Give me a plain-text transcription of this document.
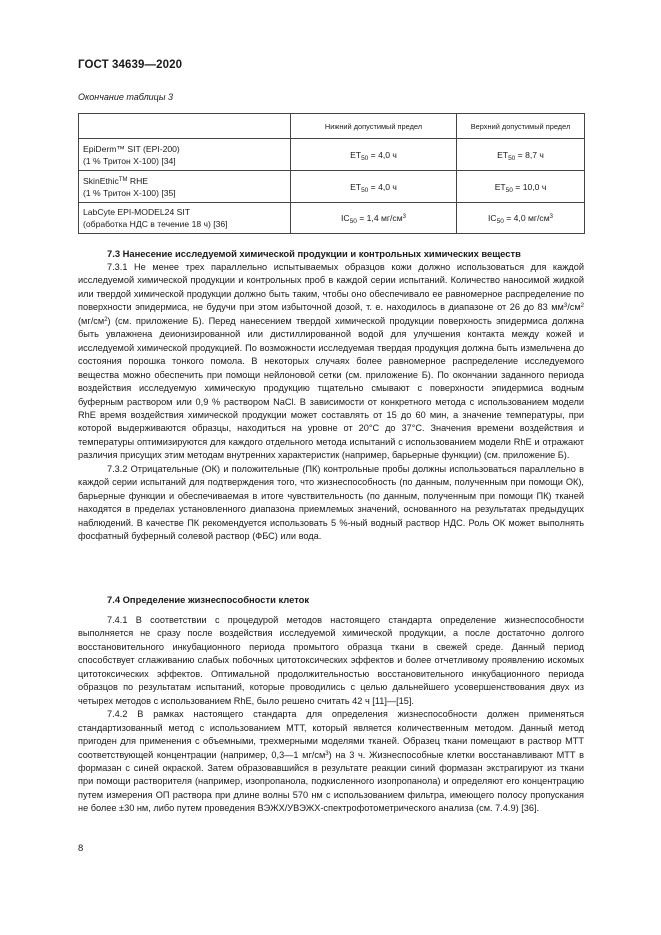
ГОСТ 34639—2020
Окончание таблицы 3
	Нижний допустимый предел	Верхний допустимый предел

EpiDerm™ SIT (EPI-200)
(1 % Тритон Х-100) [34]	$ET_{50} = 4,0$ ч	$ET_{50} = 8,7$ ч

SkinEthic™ RHE
(1 % Тритон Х-100) [35]	$ET_{50} = 4,0$ ч	$ET_{50} = 10,0$ ч

LabCyte EPI-MODEL24 SIT
(обработка НДС в течение 18 ч) [36]	$IC_{50} = 1,4$ $мг/см^3$	$IC_{50} = 4,0$ $мг/см^3$
7.3 Нанесение исследуемой химической продукции и контрольных химических веществ

7.3.1 Не менее трех параллельно испытываемых образцов кожи должно использоваться для каждой исследуемой химической продукции и контрольных проб в каждой серии испытаний. Количество наносимой жидкой или твердой химической продукции должно быть таким, чтобы оно обеспечивало ее равномерное распределение по поверхности эпидермиса, не будучи при этом избыточной дозой, т. е. находилось в диапазоне от 26 до 83 $мм^3/см^2$ $(мг/см^2)$ (см. приложение Б). Перед нанесением твердой химической продукции поверхность эпидермиса должна быть увлажнена деионизированной или дистиллированной водой для улучшения контакта между кожей и исследуемой химической продукцией. По возможности исследуемая твердая продукция должна быть измельчена до состояния порошка тонкого помола. В некоторых случаях более равномерное распределение исследуемого вещества можно обеспечить при помощи нейлоновой сетки (см. приложение Б). По окончании заданного периода воздействия исследуемую химическую продукцию тщательно смывают с поверхности эпидермиса водным буферным раствором или 0,9 % раствором NaCl. В зависимости от конкретного метода с использованием модели RhE время воздействия химической продукции может составлять от 15 до 60 мин, а значение температуры, при которой выдерживаются образцы, находиться на уровне от 20°C до 37°C. Значения времени воздействия и температуры оптимизируются для каждого отдельного метода испытаний с использованием модели RhE и отражают различия присущих этим методам внутренних характеристик (например, барьерные функции) (см. приложение Б).

7.3.2 Отрицательные (ОК) и положительные (ПК) контрольные пробы должны использоваться параллельно в каждой серии испытаний для подтверждения того, что жизнеспособность (по данным, полученным при помощи ОК), барьерные функции и обеспечиваемая в итоге чувствительность (по данным, полученным при помощи ПК) тканей находятся в пределах установленного диапазона приемлемых значений, основанного на результатах предыдущих наблюдений. В качестве ПК рекомендуется использовать 5 %-ный водный раствор НДС. Роль ОК может выполнять фосфатный буферный солевой раствор (ФБС) или вода.

7.4 Определение жизнеспособности клеток

7.4.1 В соответствии с процедурой методов настоящего стандарта определение жизнеспособности выполняется не сразу после воздействия исследуемой химической продукции, а после достаточно долгого восстановительного инкубационного периода промытого образца ткани в свежей среде. Данный период способствует сглаживанию слабых побочных цитотоксических эффектов и более отчетливому проявлению искомых цитотоксических эффектов. Оптимальной продолжительностью восстановительного инкубационного периода образцов по результатам испытаний, которые проводились с целью дальнейшего усовершенствования двух из четырех методов с использованием RhE, было решено считать 42 ч [11]—[15].

7.4.2 В рамках настоящего стандарта для определения жизнеспособности должен применяться стандартизованный метод с использованием МТТ, который является количественным методом. Данный метод пригоден для применения с объемными, трехмерными моделями тканей. Образец ткани помещают в раствор МТТ соответствующей концентрации (например, 0,3—1 $мг/см^3$) на 3 ч. Жизнеспособные клетки восстанавливают МТТ в формазан с синей окраской. Затем образовавшийся в результате реакции синий формазан экстрагируют из ткани при помощи растворителя (например, изопропанола, подкисленного изопропанола) и определяют его концентрацию путем измерения ОП раствора при длине волны 570 нм с использованием фильтра, имеющего полосу пропускания не более ±30 нм, либо путем проведения ВЭЖХ/УВЭЖХ-спектрофотометрического анализа (см. 7.4.9) [36].

8
